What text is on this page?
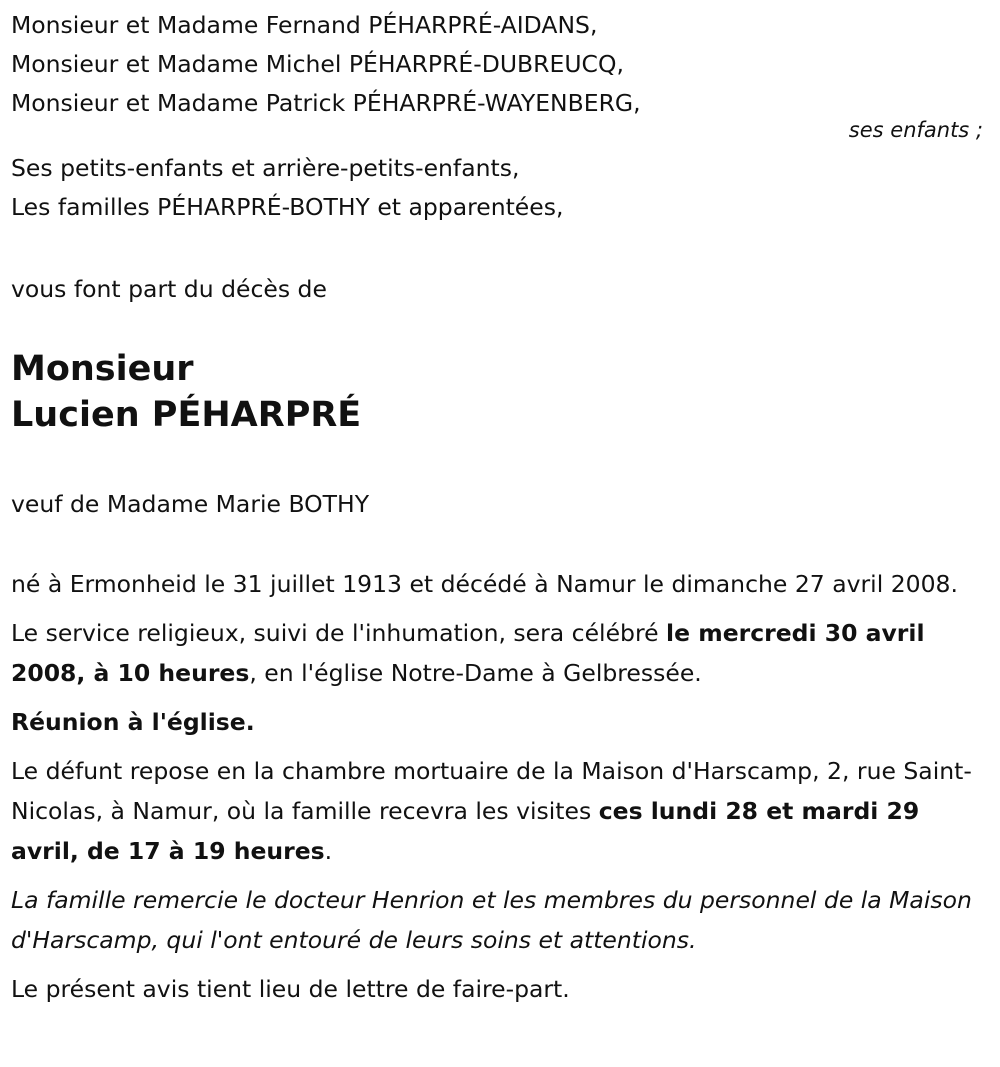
Monsieur et Madame Fernand PÉHARPRÉ-AIDANS,

Monsieur et Madame Michel PÉHARPRÉ-DUBREUCQ,

Monsieur et Madame Patrick PÉHARPRÉ-WAYENBERG,

ses enfants ;

Ses petits-enfants et arrière-petits-enfants,

Les familles PÉHARPRÉ-BOTHY et apparentées,

vous font part du décès de

Monsieur
Lucien PÉHARPRÉ

veuf de Madame Marie BOTHY

né à Ermonheid le 31 juillet 1913 et décédé à Namur le dimanche 27 avril 2008.

Le service religieux, suivi de l'inhumation, sera célébré le mercredi 30 avril 2008, à 10 heures, en l'église Notre-Dame à Gelbressée.

Réunion à l'église.

Le défunt repose en la chambre mortuaire de la Maison d'Harscamp, 2, rue Saint-Nicolas, à Namur, où la famille recevra les visites ces lundi 28 et mardi 29 avril, de 17 à 19 heures.

La famille remercie le docteur Henrion et les membres du personnel de la Maison d'Harscamp, qui l'ont entouré de leurs soins et attentions.

Le présent avis tient lieu de lettre de faire-part.
